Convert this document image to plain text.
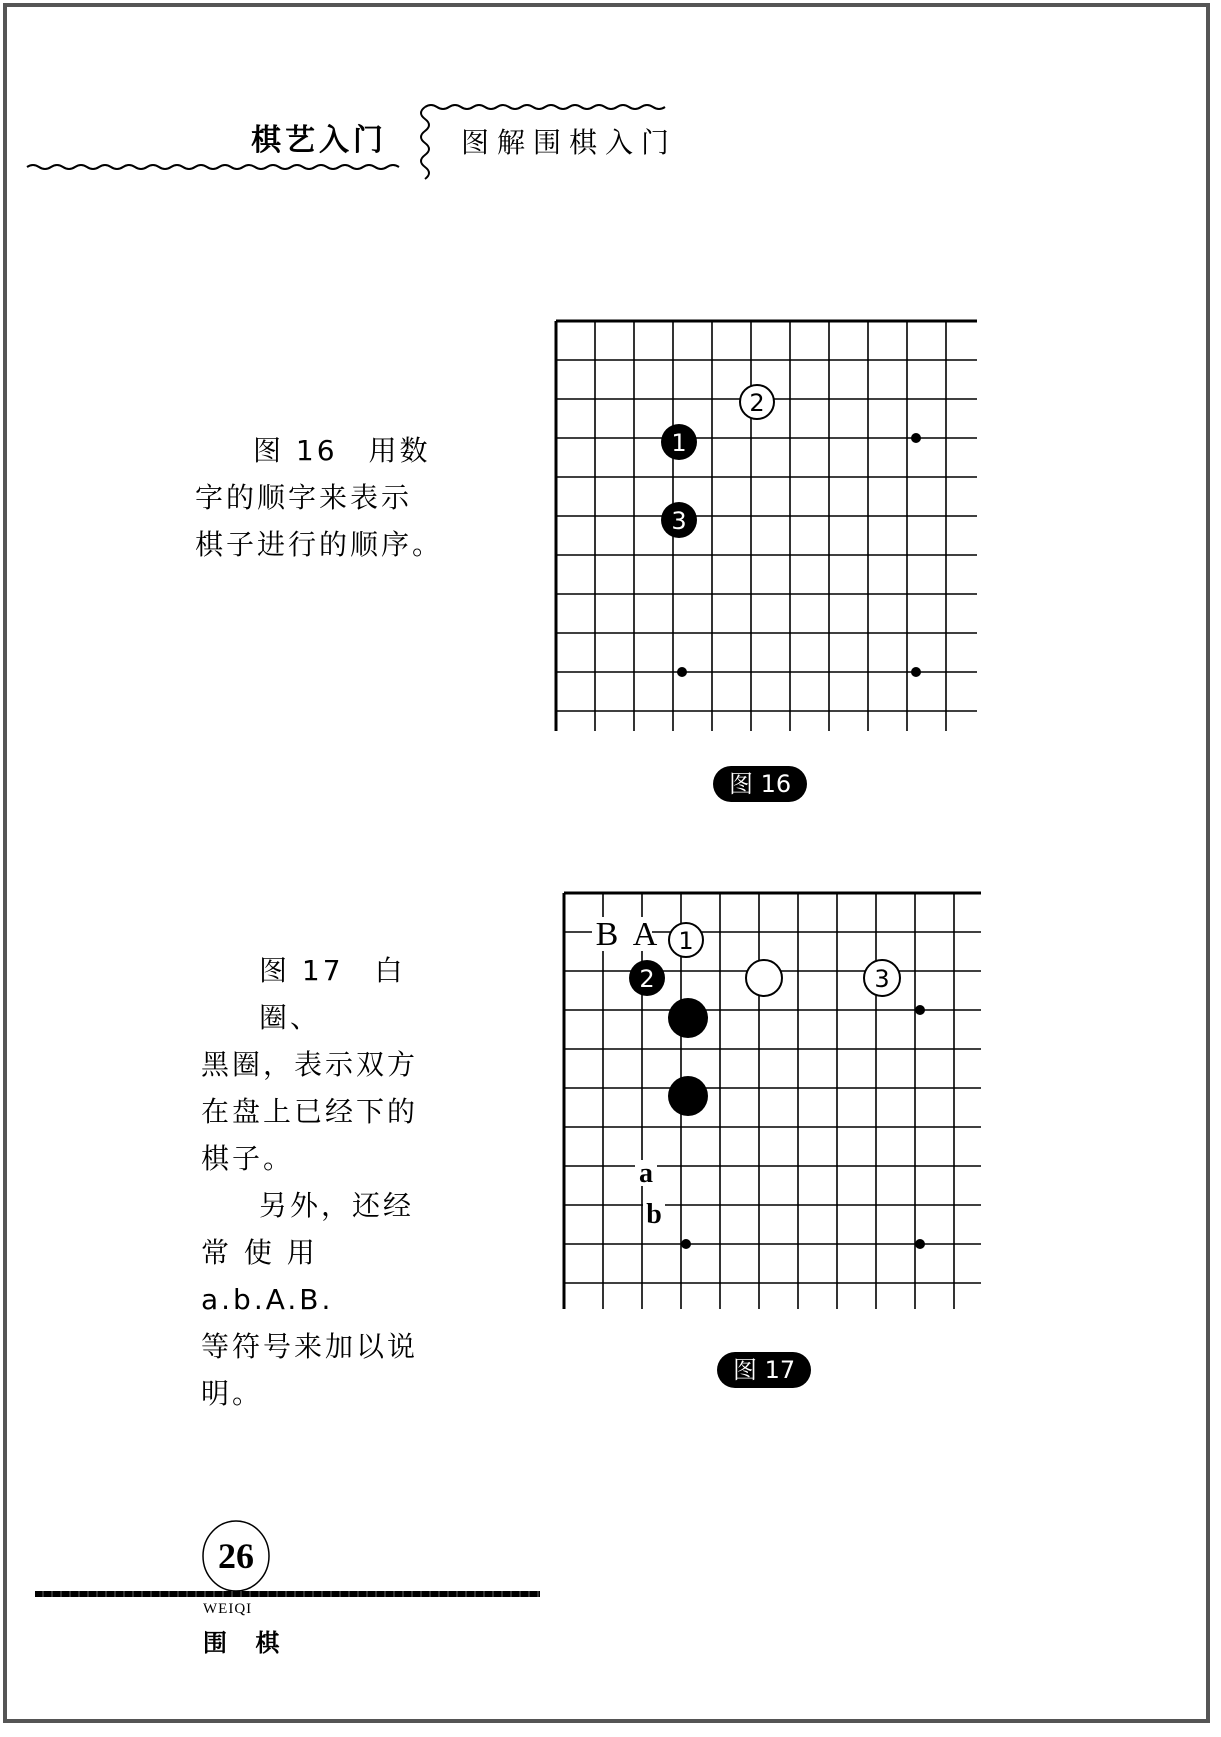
棋艺入门	图解围棋入门

图 16　用数

字的顺字来表示

棋子进行的顺序。

1
2
3
图 16

图 17　白圈、

黑圈，表示双方

在盘上已经下的

棋子。

另外，还经

常 使 用 a.b.A.B.

等符号来加以说

明。

B A 1
2	3
a
b
图 17
26
WEIQI
围 棋
